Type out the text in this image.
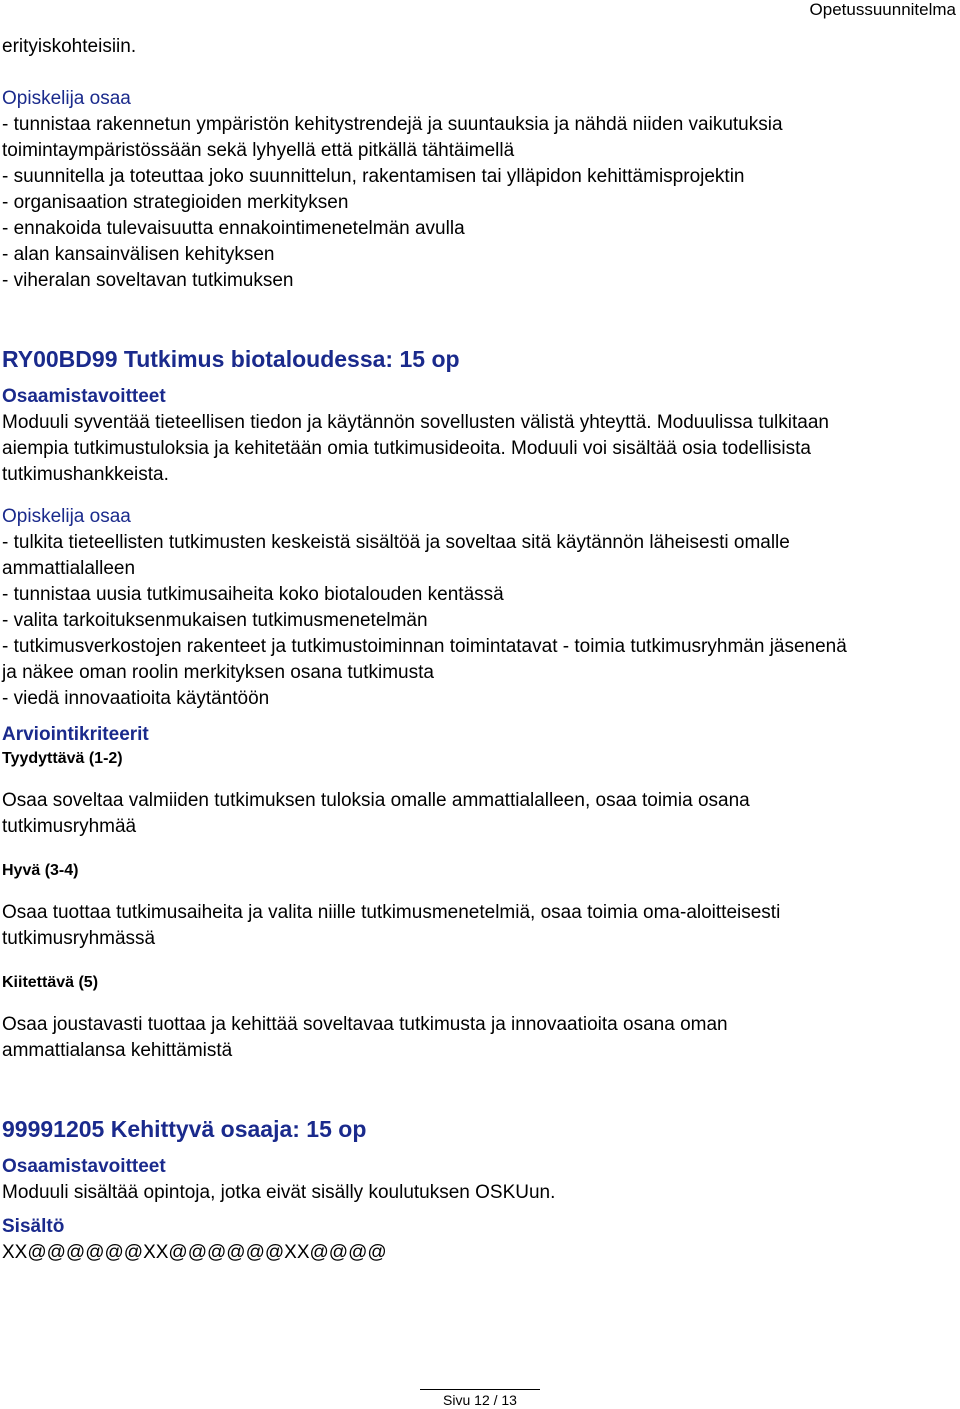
Opetussuunnitelma

erityiskohteisiin.

Opiskelija osaa

- tunnistaa rakennetun ympäristön kehitystrendejä ja suuntauksia ja nähdä niiden vaikutuksia

toimintaympäristössään sekä lyhyellä että pitkällä tähtäimellä

- suunnitella ja toteuttaa joko suunnittelun, rakentamisen tai ylläpidon kehittämisprojektin

- organisaation strategioiden merkityksen

- ennakoida tulevaisuutta ennakointimenetelmän avulla

- alan kansainvälisen kehityksen

- viheralan soveltavan tutkimuksen

RY00BD99 Tutkimus biotaloudessa: 15 op
Osaamistavoitteet

Moduuli syventää tieteellisen tiedon ja käytännön sovellusten välistä yhteyttä. Moduulissa tulkitaan

aiempia tutkimustuloksia ja kehitetään omia tutkimusideoita. Moduuli voi sisältää osia todellisista

tutkimushankkeista.

Opiskelija osaa

- tulkita tieteellisten tutkimusten keskeistä sisältöä ja soveltaa sitä käytännön läheisesti omalle

ammattialalleen

- tunnistaa uusia tutkimusaiheita koko biotalouden kentässä

- valita tarkoituksenmukaisen tutkimusmenetelmän

- tutkimusverkostojen rakenteet ja tutkimustoiminnan toimintatavat - toimia tutkimusryhmän jäsenenä

ja näkee oman roolin merkityksen osana tutkimusta

- viedä innovaatioita käytäntöön

Arviointikriteerit
Tyydyttävä (1-2)

Osaa soveltaa valmiiden tutkimuksen tuloksia omalle ammattialalleen, osaa toimia osana

tutkimusryhmää

Hyvä (3-4)

Osaa tuottaa tutkimusaiheita ja valita niille tutkimusmenetelmiä, osaa toimia oma-aloitteisesti

tutkimusryhmässä

Kiitettävä (5)

Osaa joustavasti tuottaa ja kehittää soveltavaa tutkimusta ja innovaatioita osana oman

ammattialansa kehittämistä

99991205 Kehittyvä osaaja: 15 op
Osaamistavoitteet

Moduuli sisältää opintoja, jotka eivät sisälly koulutuksen OSKUun.

Sisältö

XX@@@@@@XX@@@@@@XX@@@@

Sivu 12 / 13
